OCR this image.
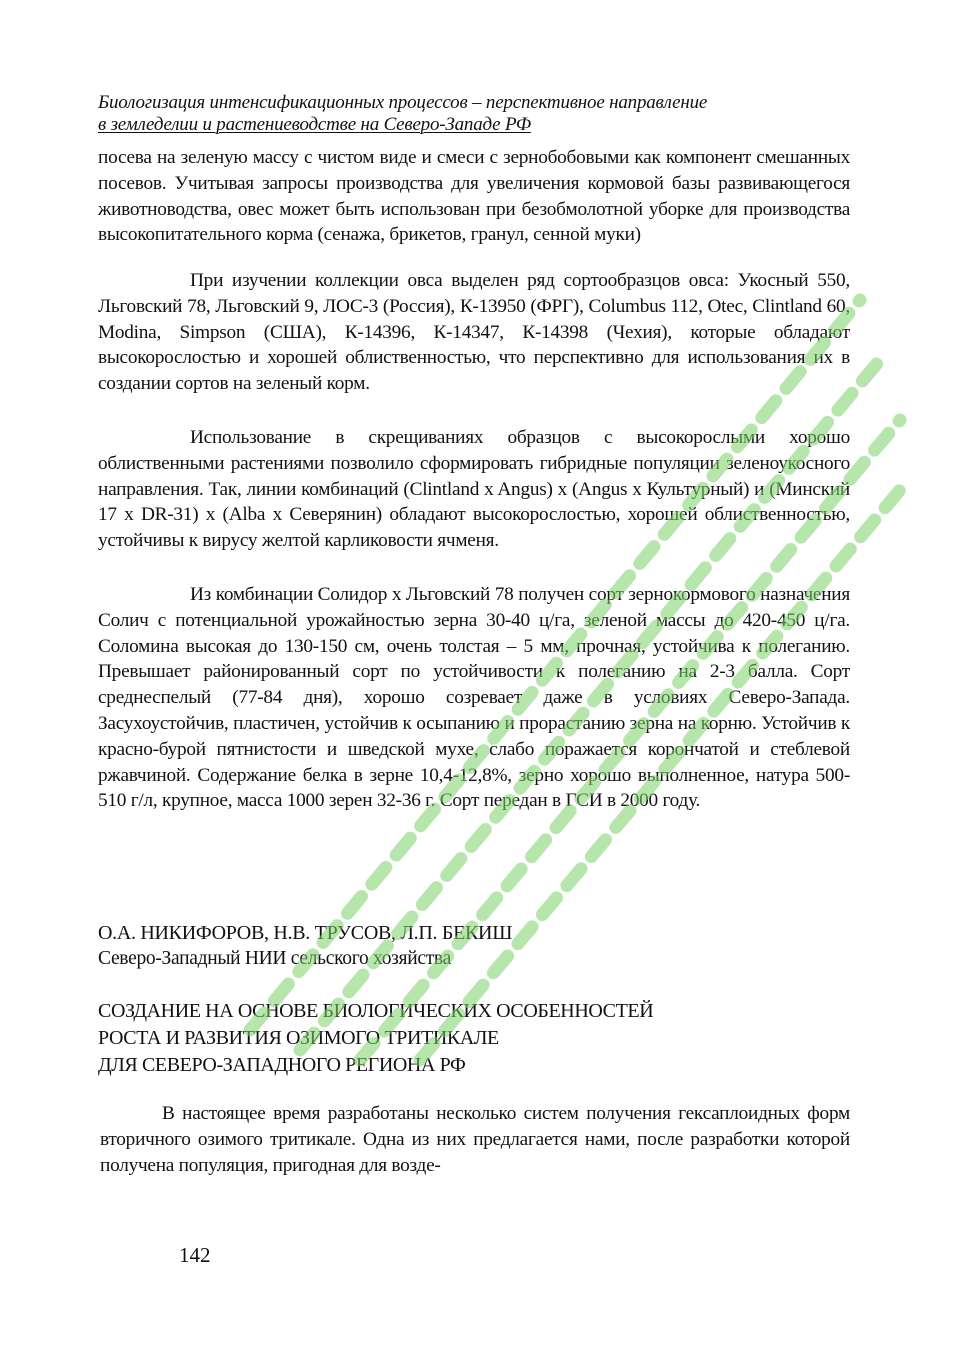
Биологизация интенсификационных процессов – перспективное направление
в земледелии и растениеводстве на Северо-Западе РФ

посева на зеленую массу с чистом виде и смеси с зернобобовыми как компонент смешанных посевов. Учитывая запросы производства для увеличения кормовой базы развивающегося животноводства, овес может быть использован при безобмолотной уборке для производства высокопитательного корма (сенажа, брикетов, гранул, сенной муки)

При изучении коллекции овса выделен ряд сортообразцов овса: Укосный 550, Льговский 78, Льговский 9, ЛОС-3 (Россия), К-13950 (ФРГ), Columbus 112, Otec, Clintland 60, Modina, Simpson (США), К-14396, К-14347, К-14398 (Чехия), которые обладают высокорослостью и хорошей облиственностью, что перспективно для использования их в создании сортов на зеленый корм.

Использование в скрещиваниях образцов с высокорослыми хорошо облиственными растениями позволило сформировать гибридные популяции зеленоукосного направления. Так, линии комбинаций (Clintland x Angus) x (Angus x Культурный) и (Минский 17 x DR-31) x (Alba x Северянин) обладают высокорослостью, хорошей облиственностью, устойчивы к вирусу желтой карликовости ячменя.

Из комбинации Солидор x Льговский 78 получен сорт зернокормового назначения Солич с потенциальной урожайностью зерна 30-40 ц/га, зеленой массы до 420-450 ц/га. Соломина высокая до 130-150 см, очень толстая – 5 мм, прочная, устойчива к полеганию. Превышает районированный сорт по устойчивости к полеганию на 2-3 балла. Сорт среднеспелый (77-84 дня), хорошо созревает даже в условиях Северо-Запада. Засухоустойчив, пластичен, устойчив к осыпанию и прорастанию зерна на корню. Устойчив к красно-бурой пятнистости и шведской мухе, слабо поражается корончатой и стеблевой ржавчиной. Содержание белка в зерне 10,4-12,8%, зерно хорошо выполненное, натура 500-510 г/л, крупное, масса 1000 зерен 32-36 г. Сорт передан в ГСИ в 2000 году.

О.А. НИКИФОРОВ, Н.В. ТРУСОВ, Л.П. БЕКИШ
Северо-Западный НИИ сельского хозяйства
СОЗДАНИЕ НА ОСНОВЕ БИОЛОГИЧЕСКИХ ОСОБЕННОСТЕЙ
РОСТА И РАЗВИТИЯ ОЗИМОГО ТРИТИКАЛЕ
ДЛЯ СЕВЕРО-ЗАПАДНОГО РЕГИОНА РФ

В настоящее время разработаны несколько систем получения гексаплоидных форм вторичного озимого тритикале. Одна из них предлагается нами, после разработки которой получена популяция, пригодная для возде-

142
